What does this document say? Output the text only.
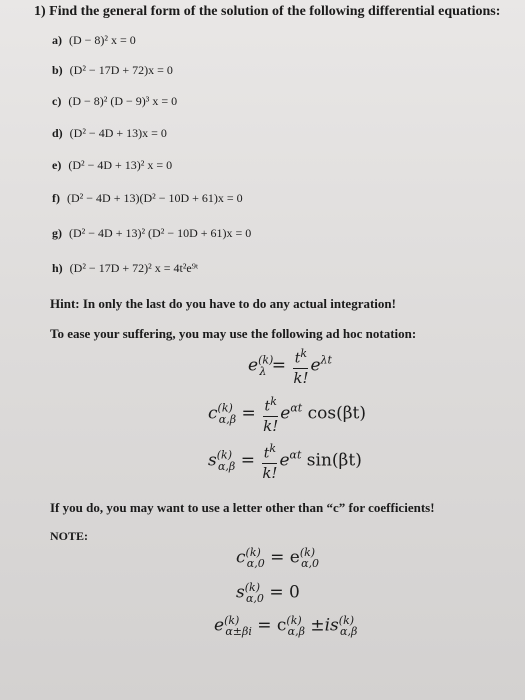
1) Find the general form of the solution of the following differential equations:
a) (D − 8)² x = 0
b) (D² − 17D + 72)x = 0
c) (D − 8)² (D − 9)³ x = 0
d) (D² − 4D + 13)x = 0
e) (D² − 4D + 13)² x = 0
f) (D² − 4D + 13)(D² − 10D + 61)x = 0
g) (D² − 4D + 13)² (D² − 10D + 61)x = 0
h) (D² − 17D + 72)² x = 4t²e⁹ᵗ
Hint: In only the last do you have to do any actual integration!
To ease your suffering, you may use the following ad hoc notation:
$e^{(k)}_\lambda = \frac{t^k}{k!} e^{\lambda t}$
$c^{(k)}_{\alpha,\beta} = \frac{t^k}{k!} e^{\alpha t}$ cos(βt)
$s^{(k)}_{\alpha,\beta} = \frac{t^k}{k!} e^{\alpha t}$ sin(βt)
If you do, you may want to use a letter other than “c” for coefficients!
NOTE:
$c^{(k)}_{\alpha,0} = e^{(k)}_{\alpha,0}$
$s^{(k)}_{\alpha,0} = 0$
$e^{(k)}_{\alpha\pm\beta i} = c^{(k)}_{\alpha,\beta} \pm is^{(k)}_{\alpha,\beta}$
